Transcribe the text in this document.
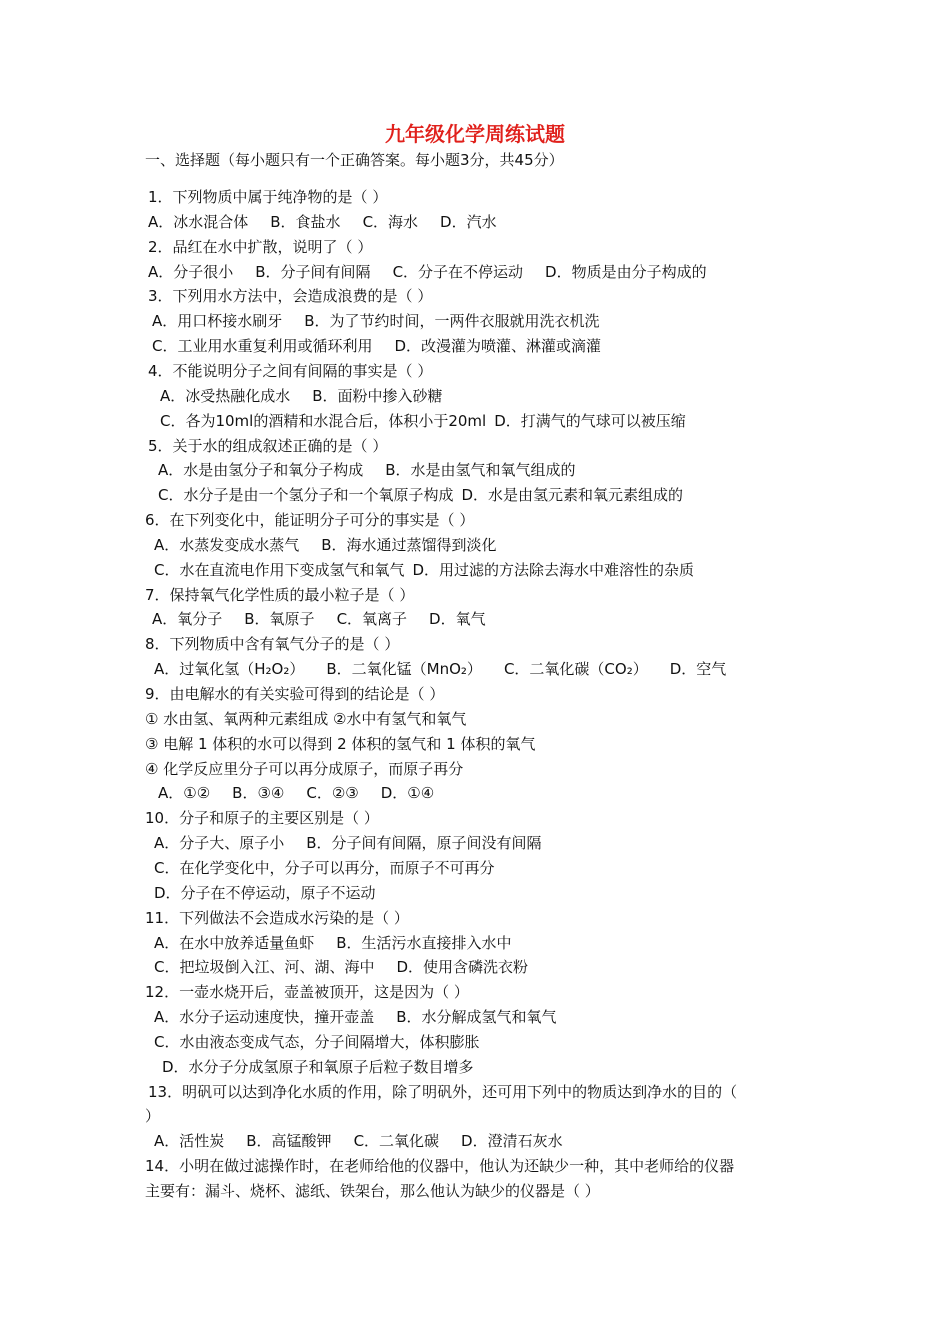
九年级化学周练试题
一、选择题（每小题只有一个正确答案。每小题3分，共45分）
1．下列物质中属于纯净物的是（ ）
A．冰水混合体 B．食盐水 C．海水 D．汽水
2．品红在水中扩散，说明了（ ）
A．分子很小 B．分子间有间隔 C．分子在不停运动 D．物质是由分子构成的
3．下列用水方法中，会造成浪费的是（ ）
A．用口杯接水刷牙 B．为了节约时间，一两件衣服就用洗衣机洗
C．工业用水重复利用或循环利用 D．改漫灌为喷灌、淋灌或滴灌
4．不能说明分子之间有间隔的事实是（ ）
A．冰受热融化成水 B．面粉中掺入砂糖
C．各为10ml的酒精和水混合后，体积小于20ml D．打满气的气球可以被压缩
5．关于水的组成叙述正确的是（ ）
A．水是由氢分子和氧分子构成 B．水是由氢气和氧气组成的
C．水分子是由一个氢分子和一个氧原子构成 D．水是由氢元素和氧元素组成的
6．在下列变化中，能证明分子可分的事实是（ ）
A．水蒸发变成水蒸气 B．海水通过蒸馏得到淡化
C．水在直流电作用下变成氢气和氧气 D．用过滤的方法除去海水中难溶性的杂质
7．保持氧气化学性质的最小粒子是（ ）
A．氧分子 B．氧原子 C．氧离子 D．氧气
8．下列物质中含有氧气分子的是（ ）
A．过氧化氢（H₂O₂） B．二氧化锰（MnO₂） C．二氧化碳（CO₂） D．空气
9．由电解水的有关实验可得到的结论是（ ）
① 水由氢、氧两种元素组成 ②水中有氢气和氧气
③ 电解 1 体积的水可以得到 2 体积的氢气和 1 体积的氧气
④ 化学反应里分子可以再分成原子，而原子再分
A．①② B．③④ C．②③ D．①④
10．分子和原子的主要区别是（ ）
A．分子大、原子小 B．分子间有间隔，原子间没有间隔
C．在化学变化中，分子可以再分，而原子不可再分
D．分子在不停运动，原子不运动
11．下列做法不会造成水污染的是（ ）
A．在水中放养适量鱼虾 B．生活污水直接排入水中
C．把垃圾倒入江、河、湖、海中 D．使用含磷洗衣粉
12．一壶水烧开后，壶盖被顶开，这是因为（ ）
A．水分子运动速度快，撞开壶盖 B．水分解成氢气和氧气
C．水由液态变成气态，分子间隔增大，体积膨胀
D．水分子分成氢原子和氧原子后粒子数目增多
13．明矾可以达到净化水质的作用，除了明矾外，还可用下列中的物质达到净水的目的（
）
A．活性炭 B．高锰酸钾 C．二氧化碳 D．澄清石灰水
14．小明在做过滤操作时，在老师给他的仪器中，他认为还缺少一种，其中老师给的仪器
主要有：漏斗、烧杯、滤纸、铁架台，那么他认为缺少的仪器是（ ）
